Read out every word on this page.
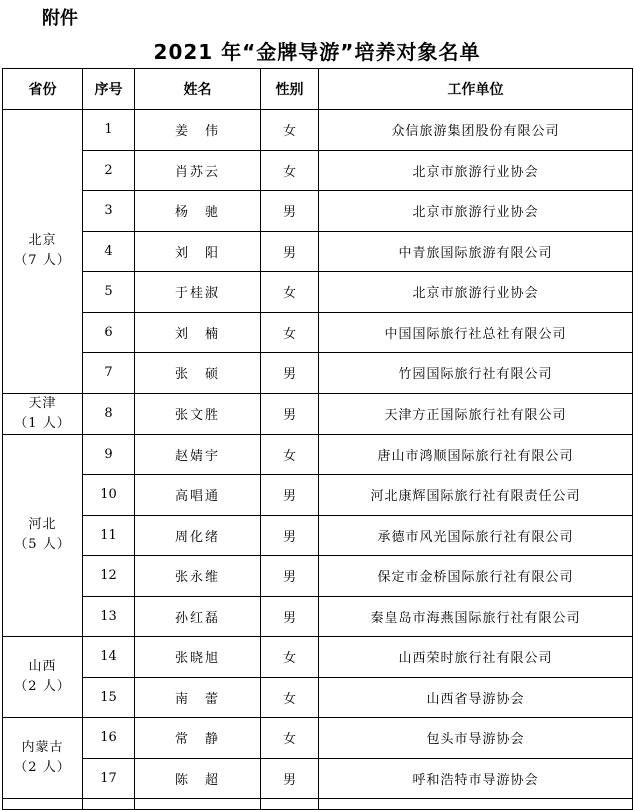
附件
2021 年“金牌导游”培养对象名单
省份	序号	姓名	性别	工作单位

北京
（7 人）	1	姜　伟	女	众信旅游集团股份有限公司
	2	肖苏云	女	北京市旅游行业协会
	3	杨　驰	男	北京市旅游行业协会
	4	刘　阳	男	中青旅国际旅游有限公司
	5	于桂淑	女	北京市旅游行业协会
	6	刘　楠	女	中国国际旅行社总社有限公司
	7	张　硕	男	竹园国际旅行社有限公司

天津
（1 人）	8	张文胜	男	天津方正国际旅行社有限公司

河北
（5 人）	9	赵婧宇	女	唐山市鸿顺国际旅行社有限公司
	10	高唱通	男	河北康辉国际旅行社有限责任公司
	11	周化绪	男	承德市风光国际旅行社有限公司
	12	张永维	男	保定市金桥国际旅行社有限公司
	13	孙红磊	男	秦皇岛市海燕国际旅行社有限公司

山西
（2 人）	14	张晓旭	女	山西荣时旅行社有限公司
	15	南　蕾	女	山西省导游协会

内蒙古
（2 人）	16	常　静	女	包头市导游协会
	17	陈　超	男	呼和浩特市导游协会
